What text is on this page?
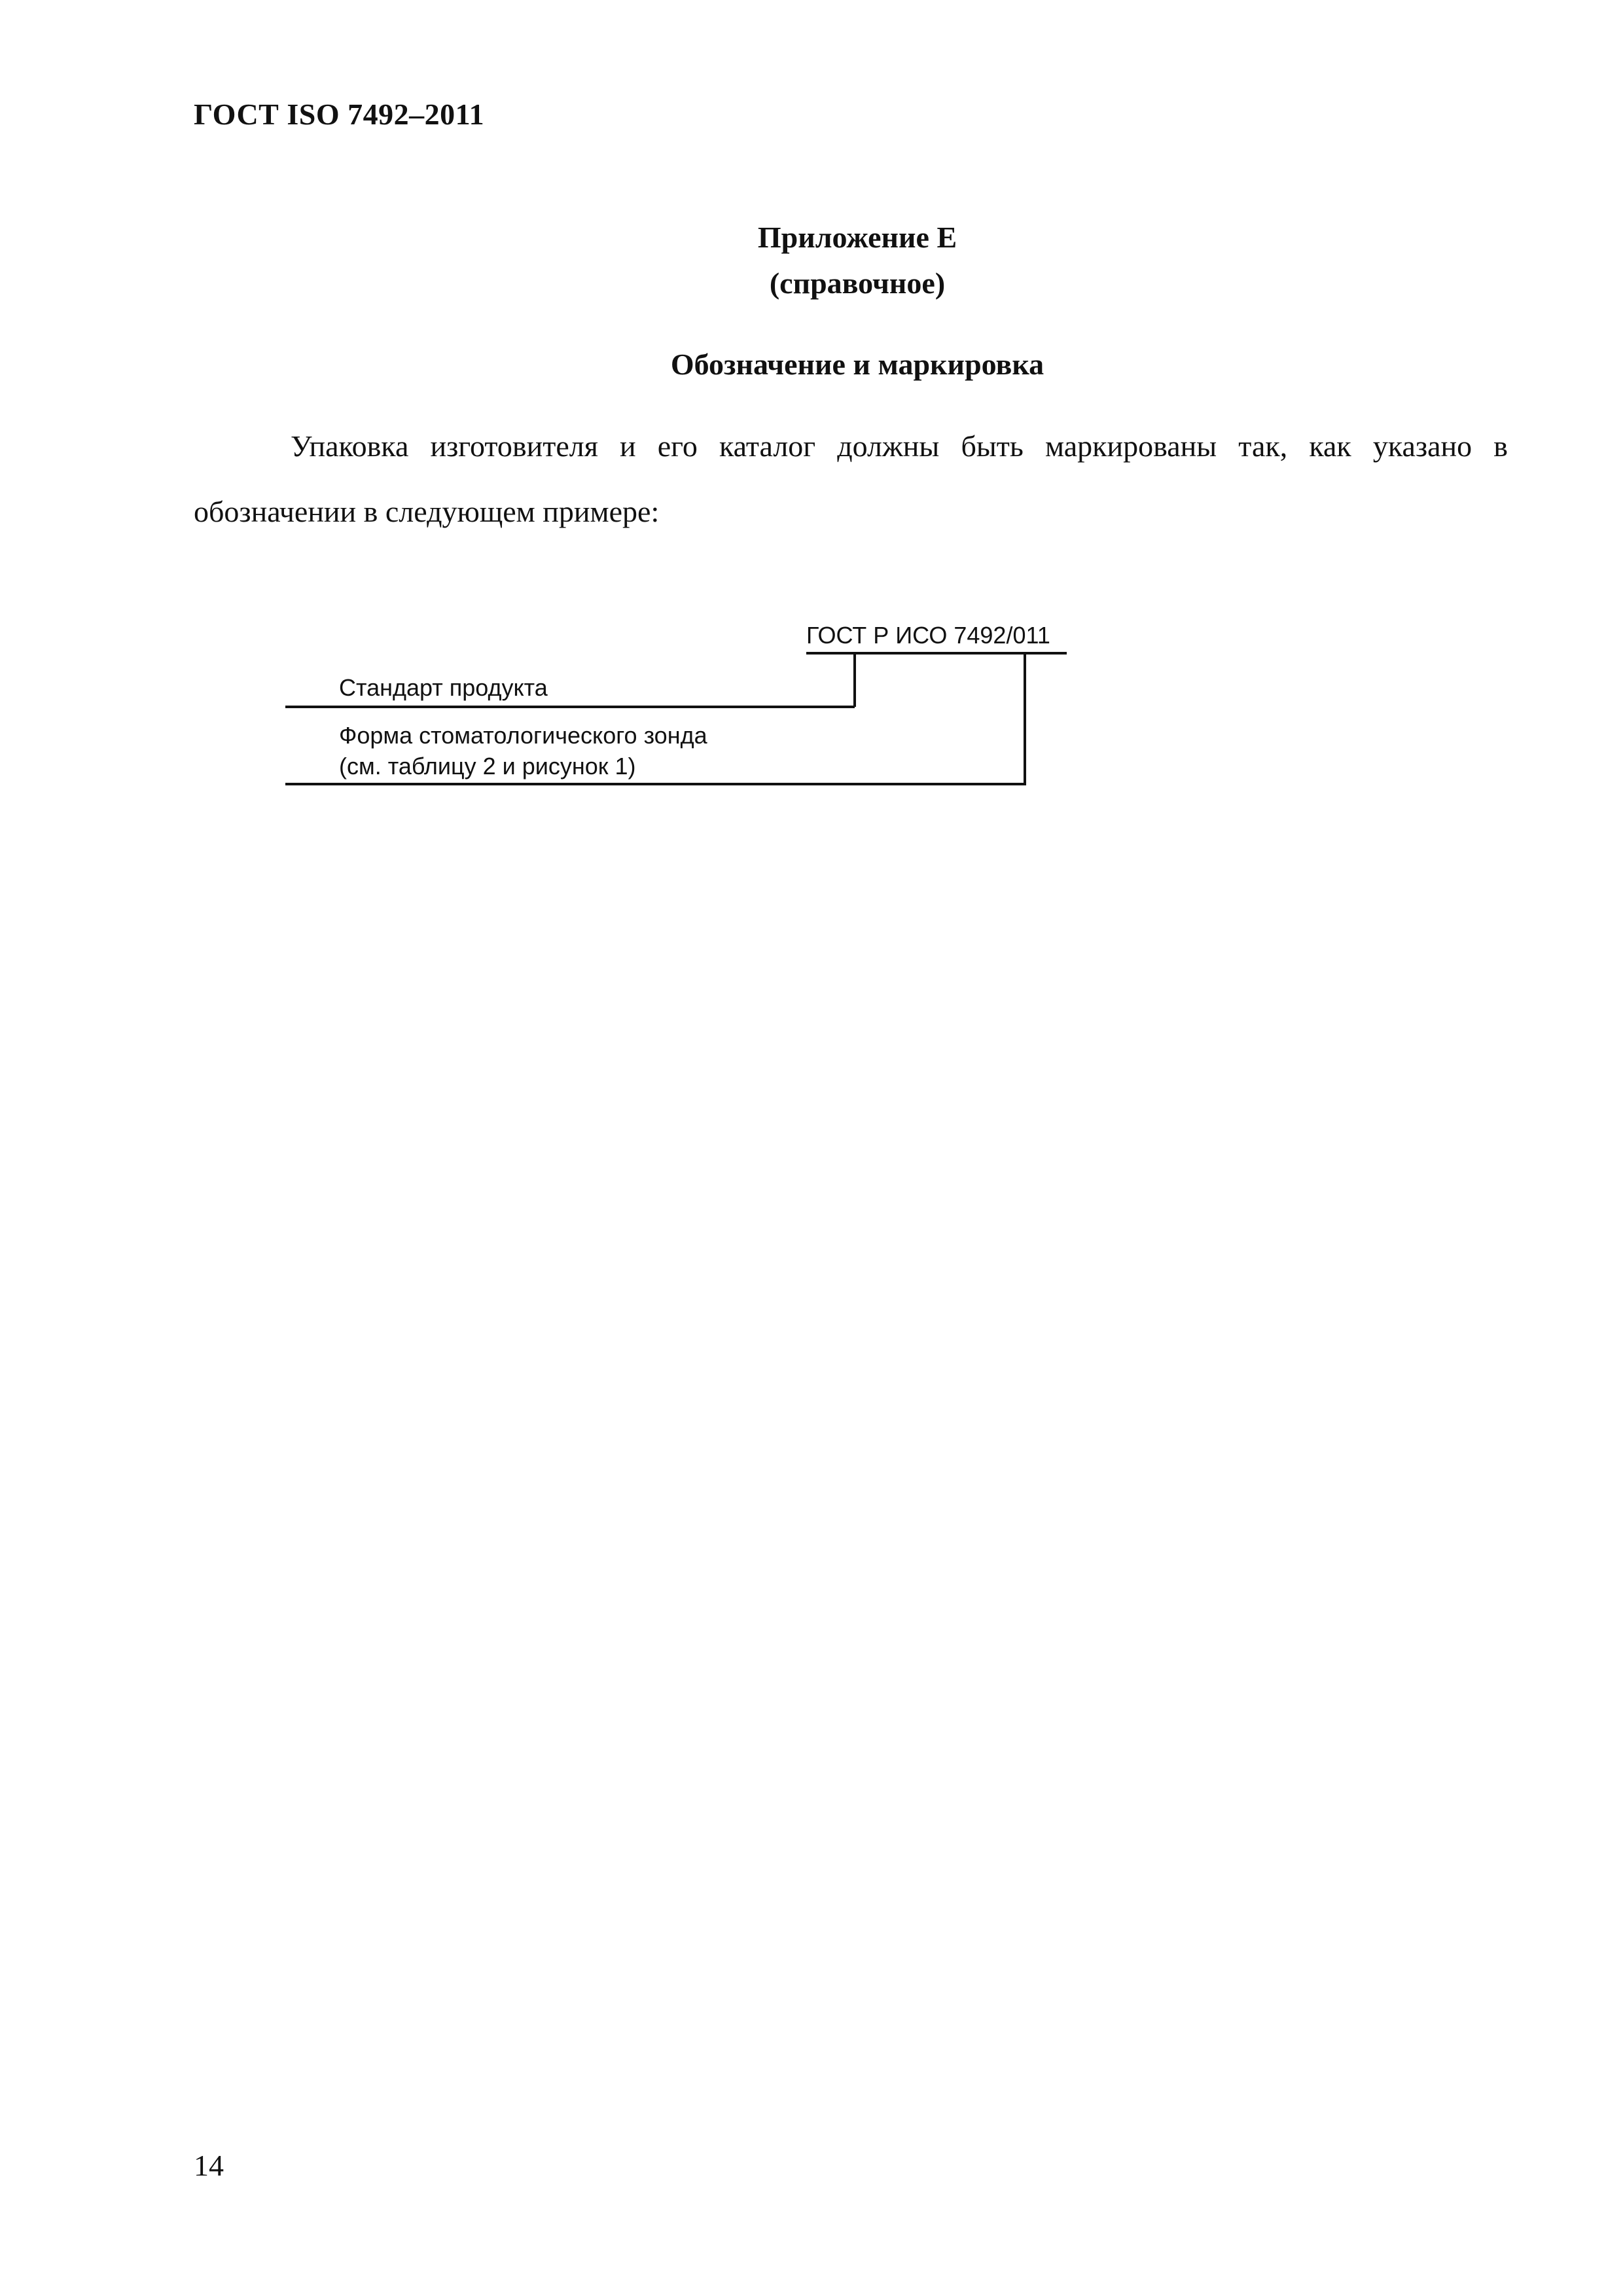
ГОСТ ISO 7492–2011
Приложение Е
(справочное)
Обозначение и маркировка

Упаковка изготовителя и его каталог должны быть маркированы так, как указано в обозначении в следующем примере:

ГОСТ Р ИСО 7492/011
Стандарт продукта
Форма стоматологического зонда
(см. таблицу 2 и рисунок 1)
14
